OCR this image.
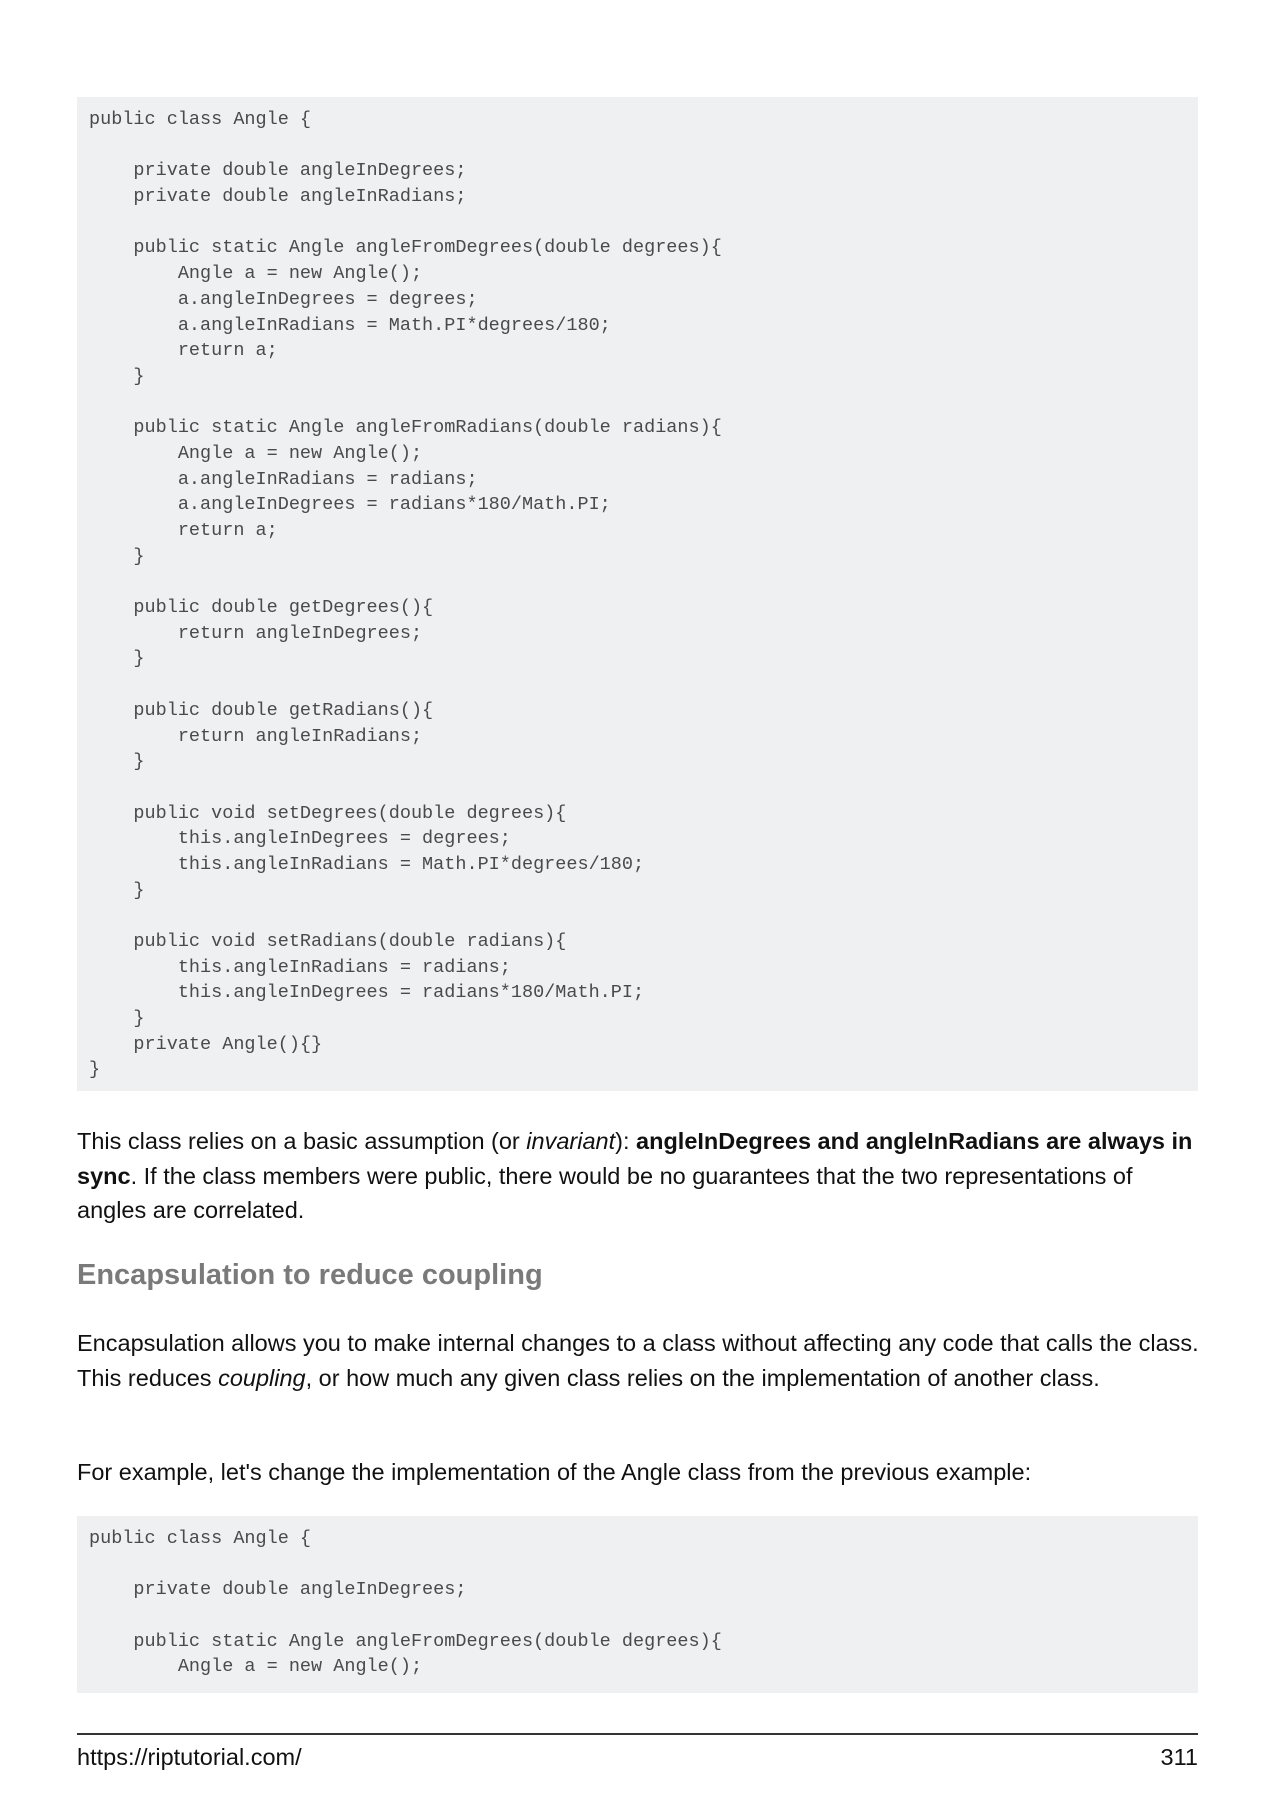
public class Angle {
private double angleInDegrees;
private double angleInRadians;
public static Angle angleFromDegrees(double degrees){
Angle a = new Angle();
a.angleInDegrees = degrees;
a.angleInRadians = Math.PI*degrees/180;
return a;
}
public static Angle angleFromRadians(double radians){
Angle a = new Angle();
a.angleInRadians = radians;
a.angleInDegrees = radians*180/Math.PI;
return a;
}
public double getDegrees(){
return angleInDegrees;
}
public double getRadians(){
return angleInRadians;
}
public void setDegrees(double degrees){
this.angleInDegrees = degrees;
this.angleInRadians = Math.PI*degrees/180;
}
public void setRadians(double radians){
this.angleInRadians = radians;
this.angleInDegrees = radians*180/Math.PI;
}
private Angle(){}
}

This class relies on a basic assumption (or invariant): angleInDegrees and angleInRadians are always in sync. If the class members were public, there would be no guarantees that the two representations of angles are correlated.

Encapsulation to reduce coupling

Encapsulation allows you to make internal changes to a class without affecting any code that calls the class. This reduces coupling, or how much any given class relies on the implementation of another class.

For example, let's change the implementation of the Angle class from the previous example:

public class Angle {
private double angleInDegrees;
public static Angle angleFromDegrees(double degrees){
Angle a = new Angle();
https://riptutorial.com/	311
